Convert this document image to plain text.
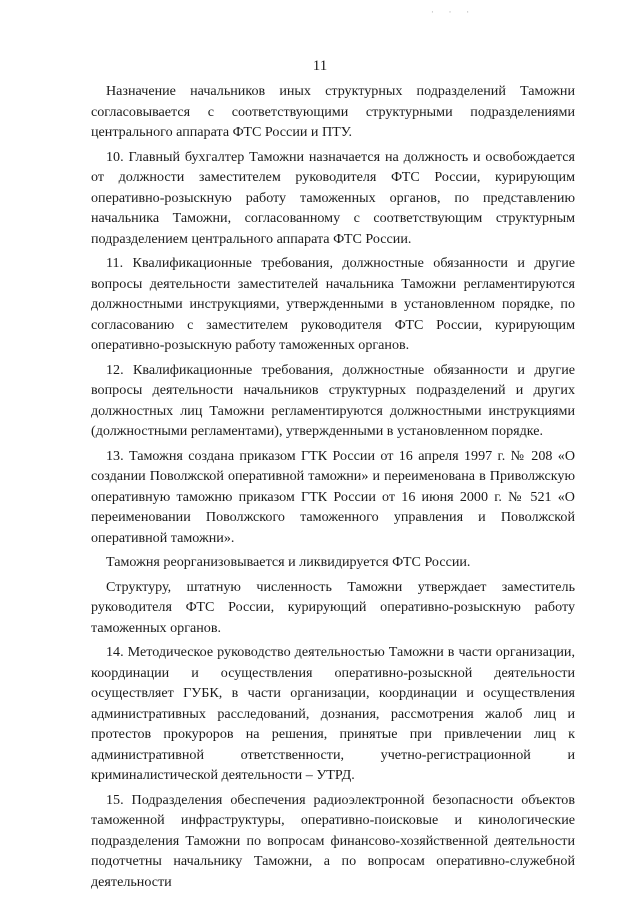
· · ·
11

Назначение начальников иных структурных подразделений Таможни согласовывается с соответствующими структурными подразделениями центрального аппарата ФТС России и ПТУ.

10. Главный бухгалтер Таможни назначается на должность и освобождается от должности заместителем руководителя ФТС России, курирующим оперативно-розыскную работу таможенных органов, по представлению начальника Таможни, согласованному с соответствующим структурным подразделением центрального аппарата ФТС России.

11. Квалификационные требования, должностные обязанности и другие вопросы деятельности заместителей начальника Таможни регламентируются должностными инструкциями, утвержденными в установленном порядке, по согласованию с заместителем руководителя ФТС России, курирующим оперативно-розыскную работу таможенных органов.

12. Квалификационные требования, должностные обязанности и другие вопросы деятельности начальников структурных подразделений и других должностных лиц Таможни регламентируются должностными инструкциями (должностными регламентами), утвержденными в установленном порядке.

13. Таможня создана приказом ГТК России от 16 апреля 1997 г. № 208 «О создании Поволжской оперативной таможни» и переименована в Приволжскую оперативную таможню приказом ГТК России от 16 июня 2000 г. № 521 «О переименовании Поволжского таможенного управления и Поволжской оперативной таможни».

Таможня реорганизовывается и ликвидируется ФТС России.

Структуру, штатную численность Таможни утверждает заместитель руководителя ФТС России, курирующий оперативно-розыскную работу таможенных органов.

14. Методическое руководство деятельностью Таможни в части организации, координации и осуществления оперативно-розыскной деятельности осуществляет ГУБК, в части организации, координации и осуществления административных расследований, дознания, рассмотрения жалоб лиц и протестов прокуроров на решения, принятые при привлечении лиц к административной ответственности, учетно-регистрационной и криминалистической деятельности – УТРД.

15. Подразделения обеспечения радиоэлектронной безопасности объектов таможенной инфраструктуры, оперативно-поисковые и кинологические подразделения Таможни по вопросам финансово-хозяйственной деятельности подотчетны начальнику Таможни, а по вопросам оперативно-служебной деятельности
